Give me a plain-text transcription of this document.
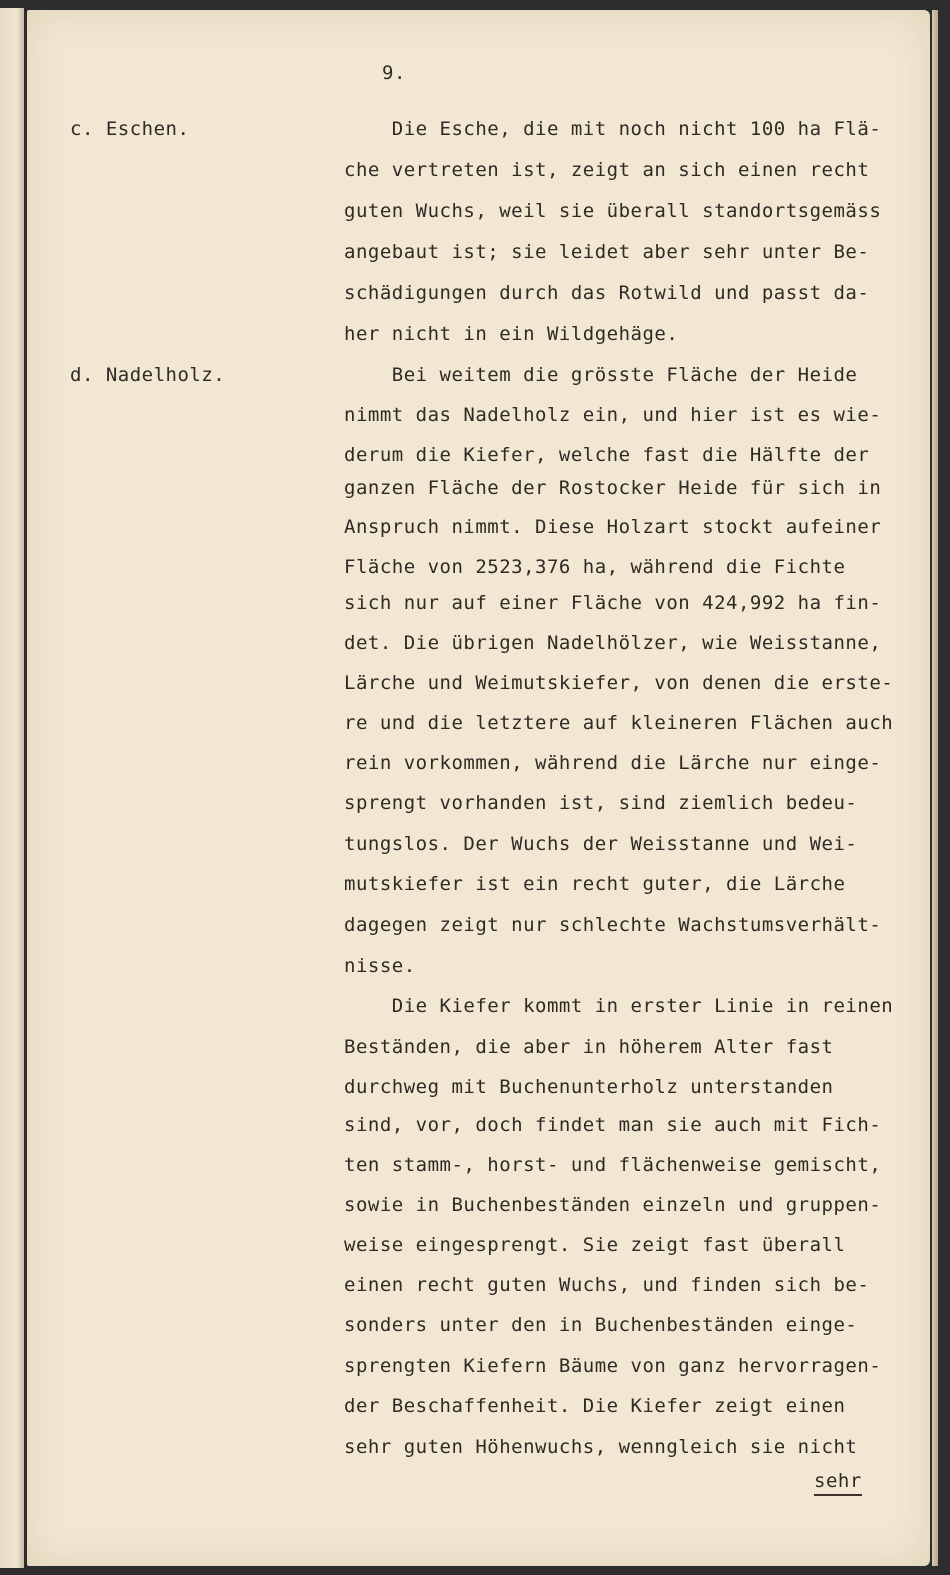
9.
c. Eschen.
d. Nadelholz.
Die Esche, die mit noch nicht 100 ha Flä-
che vertreten ist, zeigt an sich einen recht
guten Wuchs, weil sie überall standortsgemäss
angebaut ist; sie leidet aber sehr unter Be-
schädigungen durch das Rotwild und passt da-
her nicht in ein Wildgehäge.
Bei weitem die grösste Fläche der Heide
nimmt das Nadelholz ein, und hier ist es wie-
derum die Kiefer, welche fast die Hälfte der
ganzen Fläche der Rostocker Heide für sich in
Anspruch nimmt. Diese Holzart stockt aufeiner
Fläche von 2523,376 ha, während die Fichte
sich nur auf einer Fläche von 424,992 ha fin-
det. Die übrigen Nadelhölzer, wie Weisstanne,
Lärche und Weimutskiefer, von denen die erste-
re und die letztere auf kleineren Flächen auch
rein vorkommen, während die Lärche nur einge-
sprengt vorhanden ist, sind ziemlich bedeu-
tungslos. Der Wuchs der Weisstanne und Wei-
mutskiefer ist ein recht guter, die Lärche
dagegen zeigt nur schlechte Wachstumsverhält-
nisse.
Die Kiefer kommt in erster Linie in reinen
Beständen, die aber in höherem Alter fast
durchweg mit Buchenunterholz unterstanden
sind, vor, doch findet man sie auch mit Fich-
ten stamm-, horst- und flächenweise gemischt,
sowie in Buchenbeständen einzeln und gruppen-
weise eingesprengt. Sie zeigt fast überall
einen recht guten Wuchs, und finden sich be-
sonders unter den in Buchenbeständen einge-
sprengten Kiefern Bäume von ganz hervorragen-
der Beschaffenheit. Die Kiefer zeigt einen
sehr guten Höhenwuchs, wenngleich sie nicht
sehr
